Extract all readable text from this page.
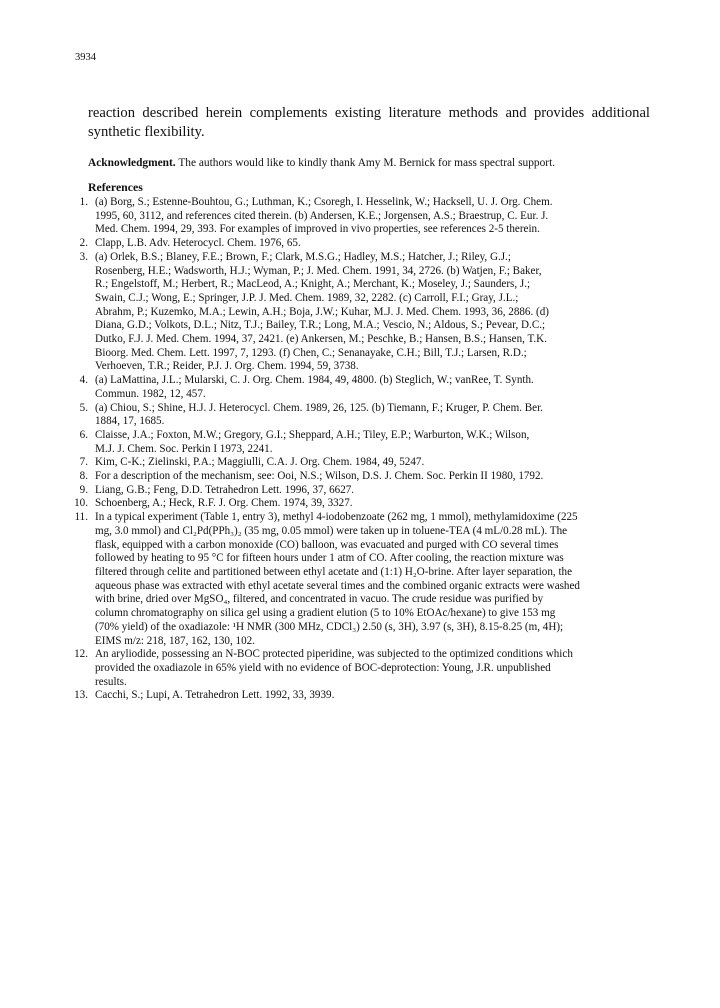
3934

reaction described herein complements existing literature methods and provides additional synthetic flexibility.

Acknowledgment. The authors would like to kindly thank Amy M. Bernick for mass spectral support.
References
1. (a) Borg, S.; Estenne-Bouhtou, G.; Luthman, K.; Csoregh, I. Hesselink, W.; Hacksell, U. J. Org. Chem.
1995, 60, 3112, and references cited therein. (b) Andersen, K.E.; Jorgensen, A.S.; Braestrup, C. Eur. J.
Med. Chem. 1994, 29, 393. For examples of improved in vivo properties, see references 2-5 therein.
2. Clapp, L.B. Adv. Heterocycl. Chem. 1976, 65.
3. (a) Orlek, B.S.; Blaney, F.E.; Brown, F.; Clark, M.S.G.; Hadley, M.S.; Hatcher, J.; Riley, G.J.;
Rosenberg, H.E.; Wadsworth, H.J.; Wyman, P.; J. Med. Chem. 1991, 34, 2726. (b) Watjen, F.; Baker,
R.; Engelstoff, M.; Herbert, R.; MacLeod, A.; Knight, A.; Merchant, K.; Moseley, J.; Saunders, J.;
Swain, C.J.; Wong, E.; Springer, J.P. J. Med. Chem. 1989, 32, 2282. (c) Carroll, F.I.; Gray, J.L.;
Abrahm, P.; Kuzemko, M.A.; Lewin, A.H.; Boja, J.W.; Kuhar, M.J. J. Med. Chem. 1993, 36, 2886. (d)
Diana, G.D.; Volkots, D.L.; Nitz, T.J.; Bailey, T.R.; Long, M.A.; Vescio, N.; Aldous, S.; Pevear, D.C.;
Dutko, F.J. J. Med. Chem. 1994, 37, 2421. (e) Ankersen, M.; Peschke, B.; Hansen, B.S.; Hansen, T.K.
Bioorg. Med. Chem. Lett. 1997, 7, 1293. (f) Chen, C.; Senanayake, C.H.; Bill, T.J.; Larsen, R.D.;
Verhoeven, T.R.; Reider, P.J. J. Org. Chem. 1994, 59, 3738.
4. (a) LaMattina, J.L.; Mularski, C. J. Org. Chem. 1984, 49, 4800. (b) Steglich, W.; vanRee, T. Synth.
Commun. 1982, 12, 457.
5. (a) Chiou, S.; Shine, H.J. J. Heterocycl. Chem. 1989, 26, 125. (b) Tiemann, F.; Kruger, P. Chem. Ber.
1884, 17, 1685.
6. Claisse, J.A.; Foxton, M.W.; Gregory, G.I.; Sheppard, A.H.; Tiley, E.P.; Warburton, W.K.; Wilson,
M.J. J. Chem. Soc. Perkin I 1973, 2241.
7. Kim, C-K.; Zielinski, P.A.; Maggiulli, C.A. J. Org. Chem. 1984, 49, 5247.
8. For a description of the mechanism, see: Ooi, N.S.; Wilson, D.S. J. Chem. Soc. Perkin II 1980, 1792.
9. Liang, G.B.; Feng, D.D. Tetrahedron Lett. 1996, 37, 6627.
10. Schoenberg, A.; Heck, R.F. J. Org. Chem. 1974, 39, 3327.
11. In a typical experiment (Table 1, entry 3), methyl 4-iodobenzoate (262 mg, 1 mmol), methylamidoxime (225
mg, 3.0 mmol) and Cl₂Pd(PPh₃)₂ (35 mg, 0.05 mmol) were taken up in toluene-TEA (4 mL/0.28 mL). The
flask, equipped with a carbon monoxide (CO) balloon, was evacuated and purged with CO several times
followed by heating to 95 °C for fifteen hours under 1 atm of CO. After cooling, the reaction mixture was
filtered through celite and partitioned between ethyl acetate and (1:1) H₂O-brine. After layer separation, the
aqueous phase was extracted with ethyl acetate several times and the combined organic extracts were washed
with brine, dried over MgSO₄, filtered, and concentrated in vacuo. The crude residue was purified by
column chromatography on silica gel using a gradient elution (5 to 10% EtOAc/hexane) to give 153 mg
(70% yield) of the oxadiazole: ¹H NMR (300 MHz, CDCl₃) 2.50 (s, 3H), 3.97 (s, 3H), 8.15-8.25 (m, 4H);
EIMS m/z: 218, 187, 162, 130, 102.
12. An aryliodide, possessing an N-BOC protected piperidine, was subjected to the optimized conditions which
provided the oxadiazole in 65% yield with no evidence of BOC-deprotection: Young, J.R. unpublished
results.
13. Cacchi, S.; Lupi, A. Tetrahedron Lett. 1992, 33, 3939.
